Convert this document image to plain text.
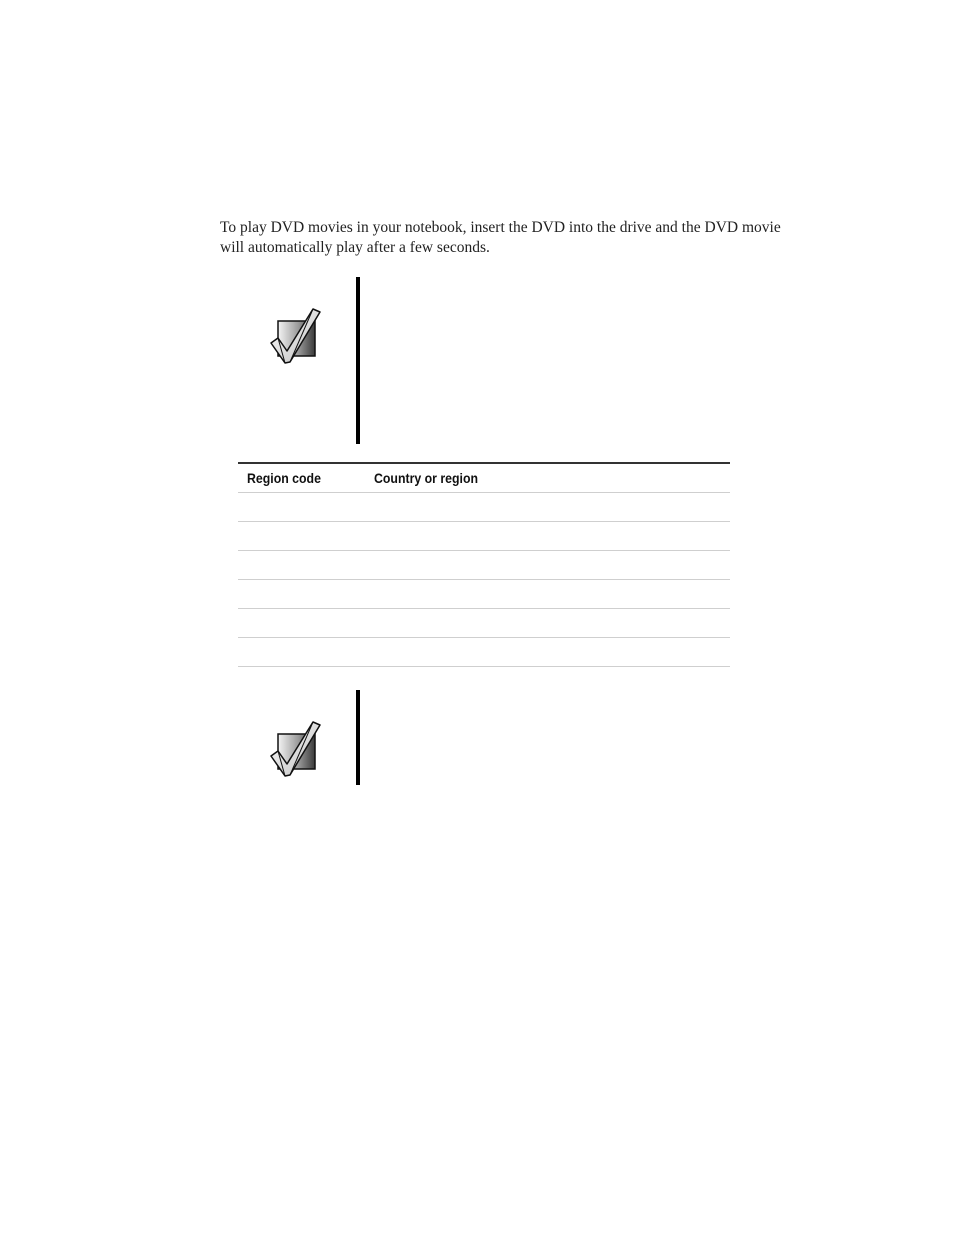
To play DVD movies in your notebook, insert the DVD into the drive and the DVD movie will automatically play after a few seconds.

Region code	Country or region
